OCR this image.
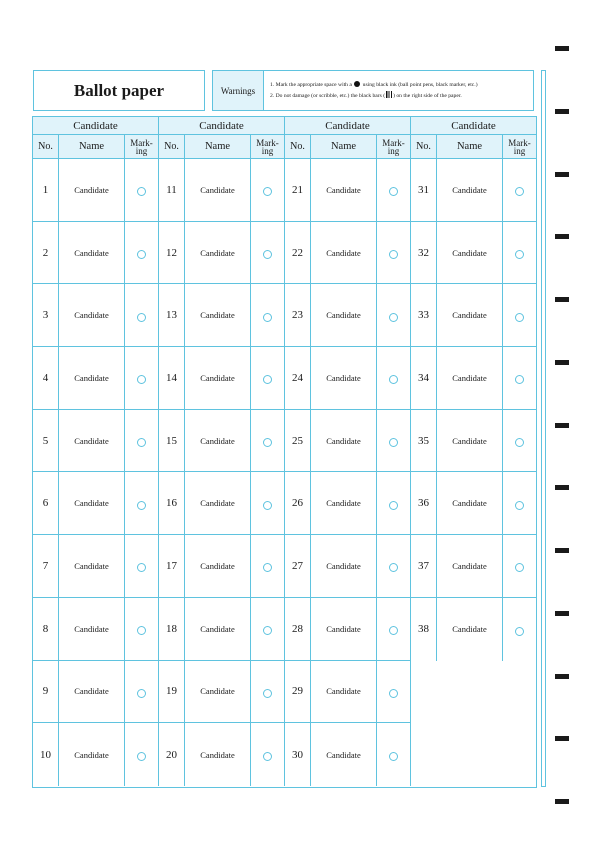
Ballot paper	Warnings
1. Mark the appropriate space with a using black ink (ball point pens, black marker, etc.)
2. Do not damage (or scribble, etc.) the black bars ( ) on the right side of the paper.
Candidate
No.	Name	Mark-
ing
1	Candidate
2	Candidate
3	Candidate
4	Candidate
5	Candidate
6	Candidate
7	Candidate
8	Candidate
9	Candidate
10	Candidate
Candidate
No.	Name	Mark-
ing
11	Candidate
12	Candidate
13	Candidate
14	Candidate
15	Candidate
16	Candidate
17	Candidate
18	Candidate
19	Candidate
20	Candidate
Candidate
No.	Name	Mark-
ing
21	Candidate
22	Candidate
23	Candidate
24	Candidate
25	Candidate
26	Candidate
27	Candidate
28	Candidate
29	Candidate
30	Candidate
Candidate
No.	Name	Mark-
ing
31	Candidate
32	Candidate
33	Candidate
34	Candidate
35	Candidate
36	Candidate
37	Candidate
38	Candidate
